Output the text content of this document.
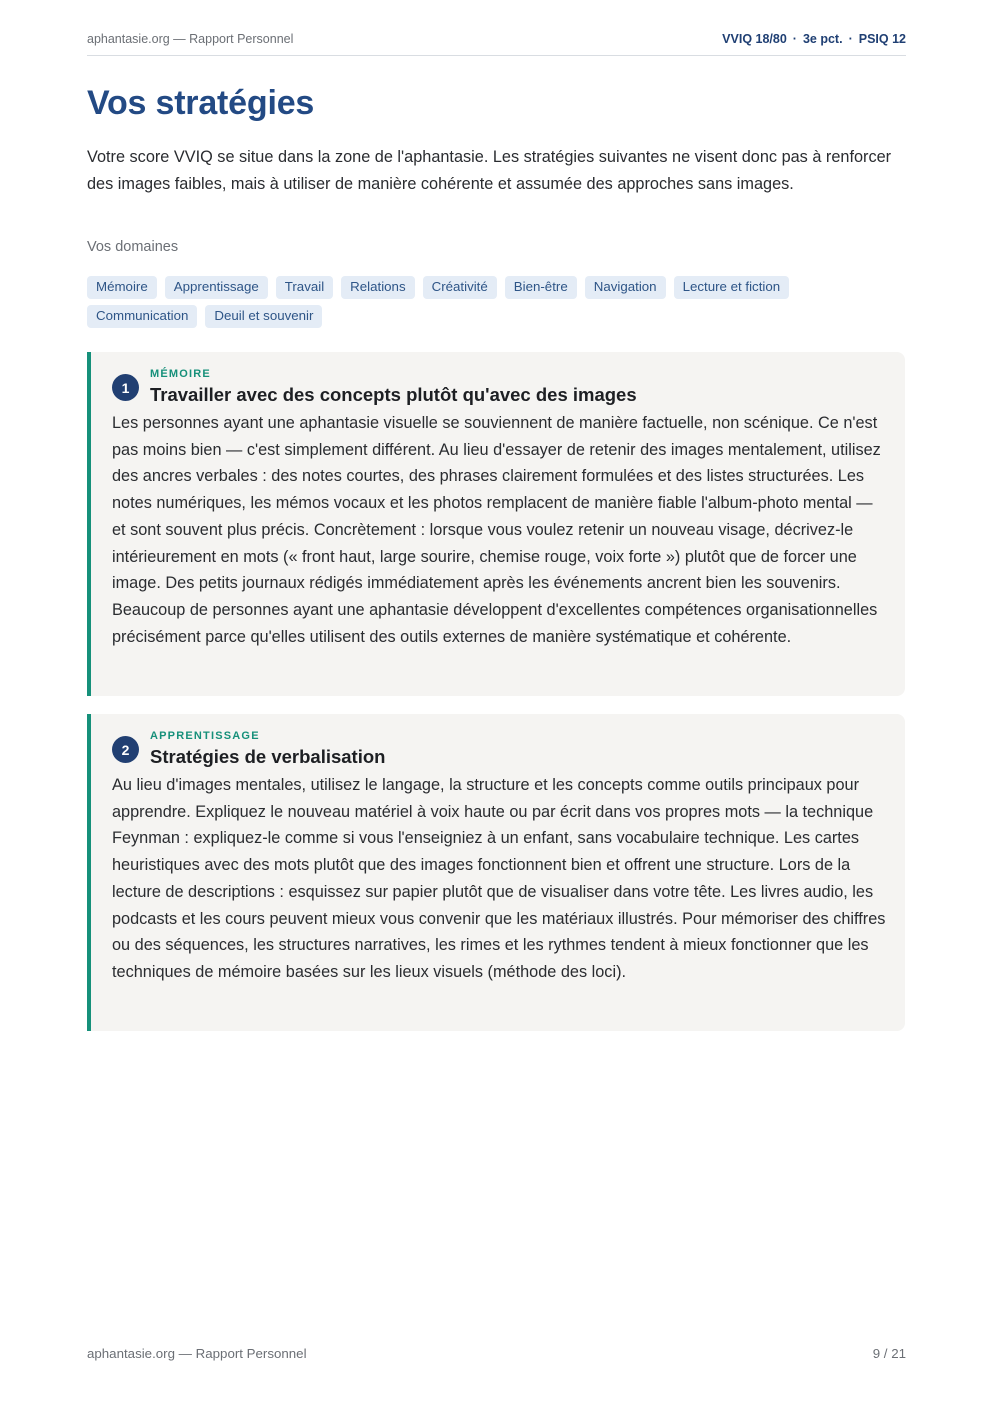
aphantasie.org — Rapport Personnel	VVIQ 18/80 · 3e pct. · PSIQ 12
Vos stratégies

Votre score VVIQ se situe dans la zone de l'aphantasie. Les stratégies suivantes ne visent donc pas à renforcer des images faibles, mais à utiliser de manière cohérente et assumée des approches sans images.

Vos domaines
Mémoire	Apprentissage	Travail	Relations	Créativité	Bien-être	Navigation	Lecture et fiction
Communication	Deuil et souvenir
1
MÉMOIRE
Travailler avec des concepts plutôt qu'avec des images

Les personnes ayant une aphantasie visuelle se souviennent de manière factuelle, non scénique. Ce n'est pas moins bien — c'est simplement différent. Au lieu d'essayer de retenir des images mentalement, utilisez des ancres verbales : des notes courtes, des phrases clairement formulées et des listes structurées. Les notes numériques, les mémos vocaux et les photos remplacent de manière fiable l'album-photo mental — et sont souvent plus précis. Concrètement : lorsque vous voulez retenir un nouveau visage, décrivez-le intérieurement en mots (« front haut, large sourire, chemise rouge, voix forte ») plutôt que de forcer une image. Des petits journaux rédigés immédiatement après les événements ancrent bien les souvenirs. Beaucoup de personnes ayant une aphantasie développent d'excellentes compétences organisationnelles précisément parce qu'elles utilisent des outils externes de manière systématique et cohérente.

2
APPRENTISSAGE
Stratégies de verbalisation

Au lieu d'images mentales, utilisez le langage, la structure et les concepts comme outils principaux pour apprendre. Expliquez le nouveau matériel à voix haute ou par écrit dans vos propres mots — la technique Feynman : expliquez-le comme si vous l'enseigniez à un enfant, sans vocabulaire technique. Les cartes heuristiques avec des mots plutôt que des images fonctionnent bien et offrent une structure. Lors de la lecture de descriptions : esquissez sur papier plutôt que de visualiser dans votre tête. Les livres audio, les podcasts et les cours peuvent mieux vous convenir que les matériaux illustrés. Pour mémoriser des chiffres ou des séquences, les structures narratives, les rimes et les rythmes tendent à mieux fonctionner que les techniques de mémoire basées sur les lieux visuels (méthode des loci).

aphantasie.org — Rapport Personnel	9 / 21
